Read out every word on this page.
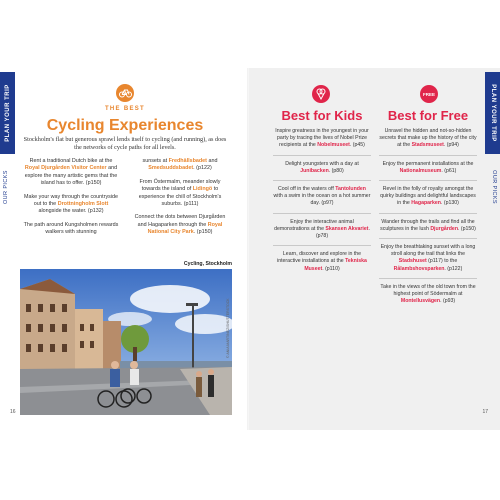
PLAN YOUR TRIP
OUR PICKS
THE BEST
Cycling Experiences
Stockholm's flat but generous sprawl lends itself to cycling (and running), as does the networks of cycle paths for all levels.

Rent a traditional Dutch bike at the Royal Djurgården Visitor Center and explore the many artistic gems that the island has to offer. (p150)

Make your way through the countryside out to the Drottningholm Slott alongside the water. (p132)

The path around Kungsholmen rewards walkers with stunning

sunsets at Fredhällsbadet and Smedsuddsbadet. (p122)

From Östermalm, meander slowly towards the island of Lidingö to experience the chill of Stockholm's suburbs. (p111)

Connect the dots between Djurgården and Hagaparken through the Royal National City Park. (p150)

Cycling, Stockholm
© ANIA MARTINEZ/SHUTTERSTOCK
16
PLAN YOUR TRIP
OUR PICKS
FREE
Best for Kids	Best for Free
Inspire greatness in the youngest in your party by tracing the lives of Nobel Prize recipients at the Nobelmuseet. (p45)
Delight youngsters with a day at Junibacken. (p80)
Cool off in the waters off Tantolunden with a swim in the ocean on a hot summer day. (p97)
Enjoy the interactive animal demonstrations at the Skansen Akvariet. (p78)
Learn, discover and explore in the interactive installations at the Tekniska Museet. (p110)
Unravel the hidden and not-so-hidden secrets that make up the history of the city at the Stadsmuseet. (p94)
Enjoy the permanent installations at the Nationalmuseum. (p61)
Revel in the folly of royalty amongst the quirky buildings and delightful landscapes in the Hagaparken. (p130)
Wander through the trails and find all the sculptures in the lush Djurgården. (p150)
Enjoy the breathtaking sunset with a long stroll along the trail that links the Stadshuset (p117) to the Rålambshovsparken. (p122)
Take in the views of the old town from the highest point of Södermalm at MontelIusvägen. (p93)
17
